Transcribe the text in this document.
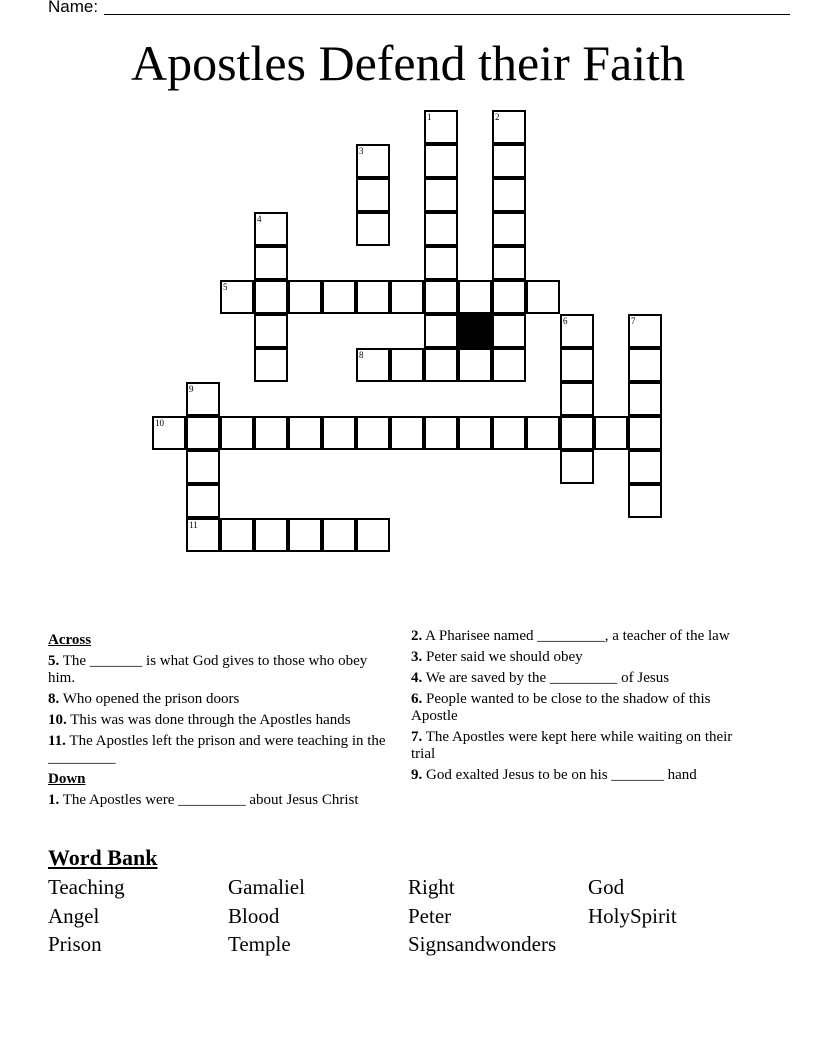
Name:
Apostles Defend their Faith
1	2
3
4
5
6	7
8
9
10
11
Across
5. The _______ is what God gives to those who obey him.
8. Who opened the prison doors
10. This was was done through the Apostles hands
11. The Apostles left the prison and were teaching in the _________
Down
1. The Apostles were _________ about Jesus Christ
2. A Pharisee named _________, a teacher of the law
3. Peter said we should obey
4. We are saved by the _________ of Jesus
6. People wanted to be close to the shadow of this Apostle
7. The Apostles were kept here while waiting on their trial
9. God exalted Jesus to be on his _______ hand
Word Bank
Teaching	Gamaliel	Right	God
Angel	Blood	Peter	HolySpirit
Prison	Temple	Signsandwonders
